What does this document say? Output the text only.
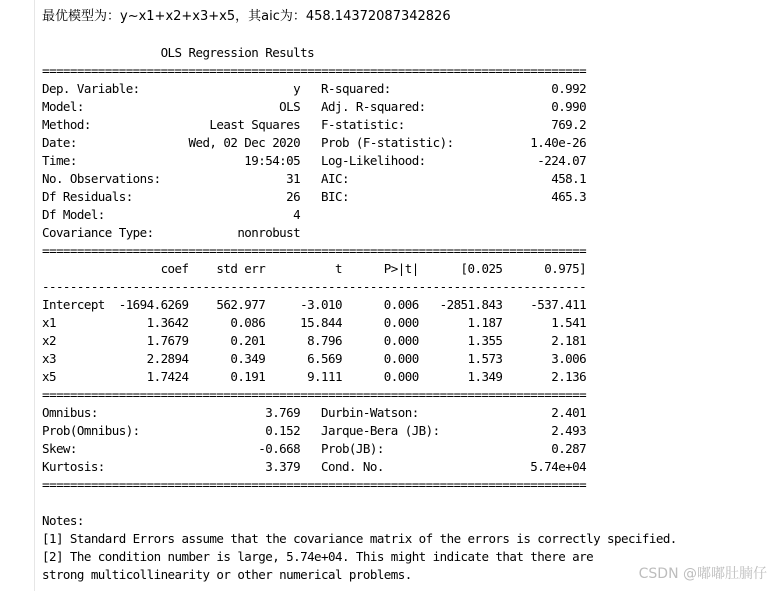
最优模型为：y~x1+x2+x3+x5，其aic为：458.14372087342826
OLS Regression Results
==============================================================================
Dep. Variable:                      y   R-squared:                       0.992
Model:                            OLS   Adj. R-squared:                  0.990
Method:                 Least Squares   F-statistic:                     769.2
Date:                Wed, 02 Dec 2020   Prob (F-statistic):           1.40e-26
Time:                        19:54:05   Log-Likelihood:                -224.07
No. Observations:                  31   AIC:                             458.1
Df Residuals:                      26   BIC:                             465.3
Df Model:                           4
Covariance Type:            nonrobust
==============================================================================
coef    std err          t      P>|t|      [0.025      0.975]
------------------------------------------------------------------------------
Intercept  -1694.6269    562.977     -3.010      0.006   -2851.843    -537.411
x1             1.3642      0.086     15.844      0.000       1.187       1.541
x2             1.7679      0.201      8.796      0.000       1.355       2.181
x3             2.2894      0.349      6.569      0.000       1.573       3.006
x5             1.7424      0.191      9.111      0.000       1.349       2.136
==============================================================================
Omnibus:                        3.769   Durbin-Watson:                   2.401
Prob(Omnibus):                  0.152   Jarque-Bera (JB):                2.493
Skew:                          -0.668   Prob(JB):                        0.287
Kurtosis:                       3.379   Cond. No.                     5.74e+04
==============================================================================

Notes:
[1] Standard Errors assume that the covariance matrix of the errors is correctly specified.
[2] The condition number is large, 5.74e+04. This might indicate that there are
strong multicollinearity or other numerical problems.	CSDN @嘟嘟肚腩仔
